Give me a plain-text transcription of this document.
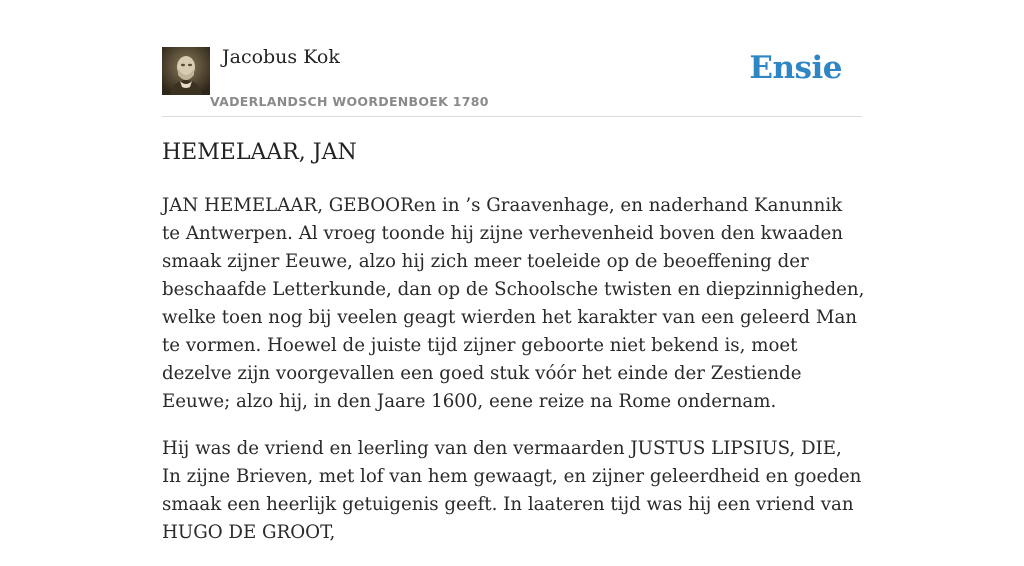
Jacobus Kok
VADERLANDSCH WOORDENBOEK 1780
Ensie
HEMELAAR, JAN

JAN HEMELAAR, GEBOORen in ’s Graavenhage, en naderhand Kanunnik te Antwerpen. Al vroeg toonde hij zijne verhevenheid boven den kwaaden smaak zijner Eeuwe, alzo hij zich meer toeleide op de beoeffening der beschaafde Letterkunde, dan op de Schoolsche twisten en diepzinnigheden, welke toen nog bij veelen geagt wierden het karakter van een geleerd Man te vormen. Hoewel de juiste tijd zijner geboorte niet bekend is, moet dezelve zijn voorgevallen een goed stuk vóór het einde der Zestiende Eeuwe; alzo hij, in den Jaare 1600, eene reize na Rome ondernam.

Hij was de vriend en leerling van den vermaarden JUSTUS LIPSIUS, DIE, In zijne Brieven, met lof van hem gewaagt, en zijner geleerdheid en goeden smaak een heerlijk getuigenis geeft. In laateren tijd was hij een vriend van HUGO DE GROOT,
